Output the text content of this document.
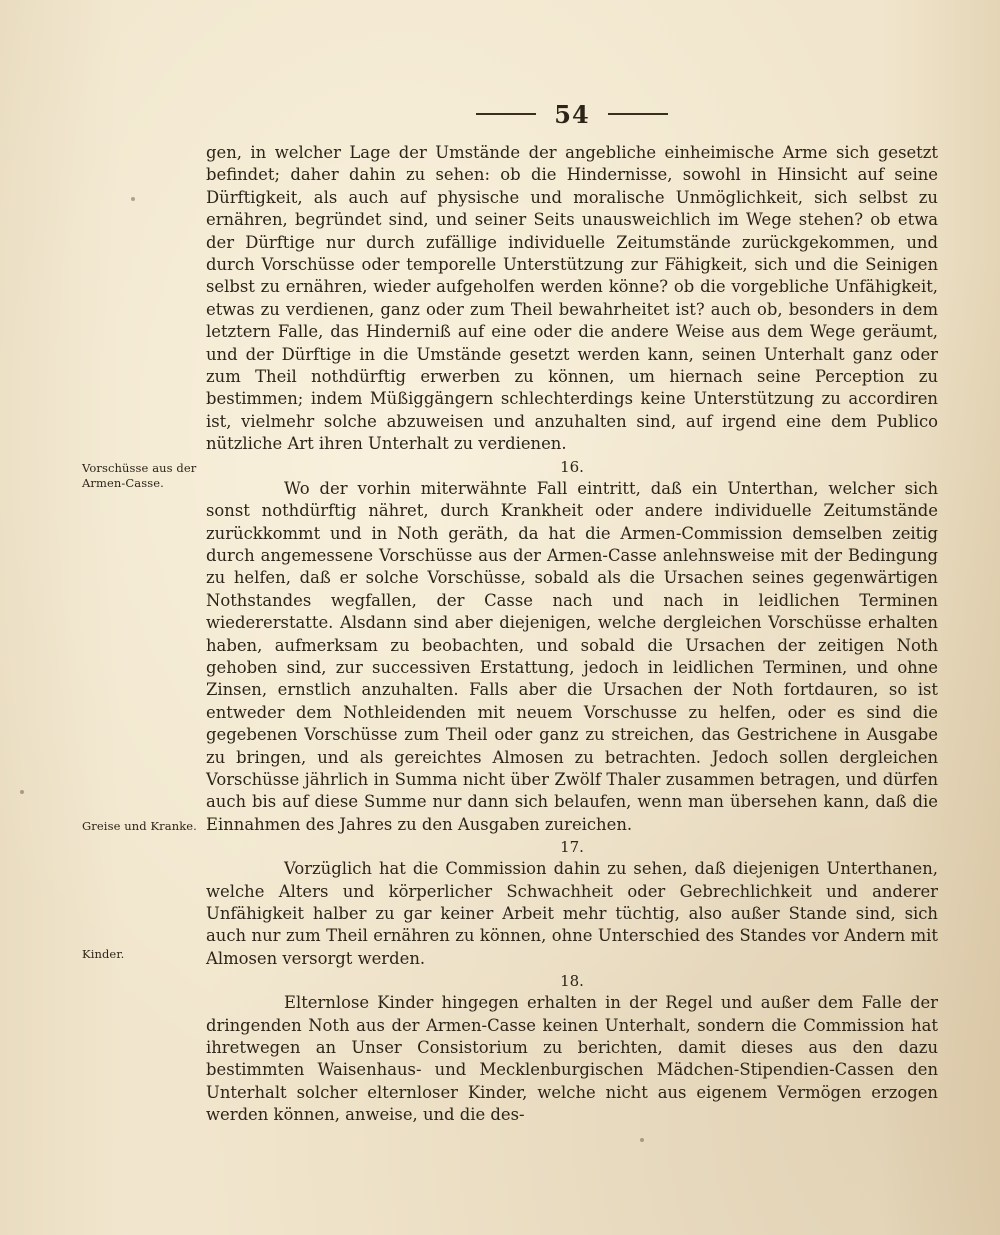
54

gen, in welcher Lage der Umstände der angebliche einheimische Arme sich gesetzt befindet; daher dahin zu sehen: ob die Hindernisse, sowohl in Hinsicht auf seine Dürftigkeit, als auch auf physische und moralische Unmöglichkeit, sich selbst zu ernähren, begründet sind, und seiner Seits unausweichlich im Wege stehen? ob etwa der Dürftige nur durch zufällige individuelle Zeitumstände zurückgekommen, und durch Vorschüsse oder temporelle Unterstützung zur Fähigkeit, sich und die Seinigen selbst zu ernähren, wieder aufgeholfen werden könne? ob die vorgebliche Unfähigkeit, etwas zu verdienen, ganz oder zum Theil bewahrheitet ist? auch ob, besonders in dem letztern Falle, das Hinderniß auf eine oder die andere Weise aus dem Wege geräumt, und der Dürftige in die Umstände gesetzt werden kann, seinen Unterhalt ganz oder zum Theil nothdürftig erwerben zu können, um hiernach seine Perception zu bestimmen; indem Müßiggängern schlechterdings keine Unterstützung zu accordiren ist, vielmehr solche abzuweisen und anzuhalten sind, auf irgend eine dem Publico nützliche Art ihren Unterhalt zu verdienen.

16.

Wo der vorhin miterwähnte Fall eintritt, daß ein Unterthan, welcher sich sonst nothdürftig nähret, durch Krankheit oder andere individuelle Zeitumstände zurückkommt und in Noth geräth, da hat die Armen-Commission demselben zeitig durch angemessene Vorschüsse aus der Armen-Casse anlehnsweise mit der Bedingung zu helfen, daß er solche Vorschüsse, sobald als die Ursachen seines gegenwärtigen Nothstandes wegfallen, der Casse nach und nach in leidlichen Terminen wiedererstatte. Alsdann sind aber diejenigen, welche dergleichen Vorschüsse erhalten haben, aufmerksam zu beobachten, und sobald die Ursachen der zeitigen Noth gehoben sind, zur successiven Erstattung, jedoch in leidlichen Terminen, und ohne Zinsen, ernstlich anzuhalten. Falls aber die Ursachen der Noth fortdauren, so ist entweder dem Nothleidenden mit neuem Vorschusse zu helfen, oder es sind die gegebenen Vorschüsse zum Theil oder ganz zu streichen, das Gestrichene in Ausgabe zu bringen, und als gereichtes Almosen zu betrachten. Jedoch sollen dergleichen Vorschüsse jährlich in Summa nicht über Zwölf Thaler zusammen betragen, und dürfen auch bis auf diese Summe nur dann sich belaufen, wenn man übersehen kann, daß die Einnahmen des Jahres zu den Ausgaben zureichen.

17.

Vorzüglich hat die Commission dahin zu sehen, daß diejenigen Unterthanen, welche Alters und körperlicher Schwachheit oder Gebrechlichkeit und anderer Unfähigkeit halber zu gar keiner Arbeit mehr tüchtig, also außer Stande sind, sich auch nur zum Theil ernähren zu können, ohne Unterschied des Standes vor Andern mit Almosen versorgt werden.

18.

Elternlose Kinder hingegen erhalten in der Regel und außer dem Falle der dringenden Noth aus der Armen-Casse keinen Unterhalt, sondern die Commission hat ihretwegen an Unser Consistorium zu berichten, damit dieses aus den dazu bestimmten Waisenhaus- und Mecklenburgischen Mädchen-Stipendien-Cassen den Unterhalt solcher elternloser Kinder, welche nicht aus eigenem Vermögen erzogen werden können, anweise, und die des-

Vorschüsse aus der Armen-Casse.
Greise und Kranke.
Kinder.
